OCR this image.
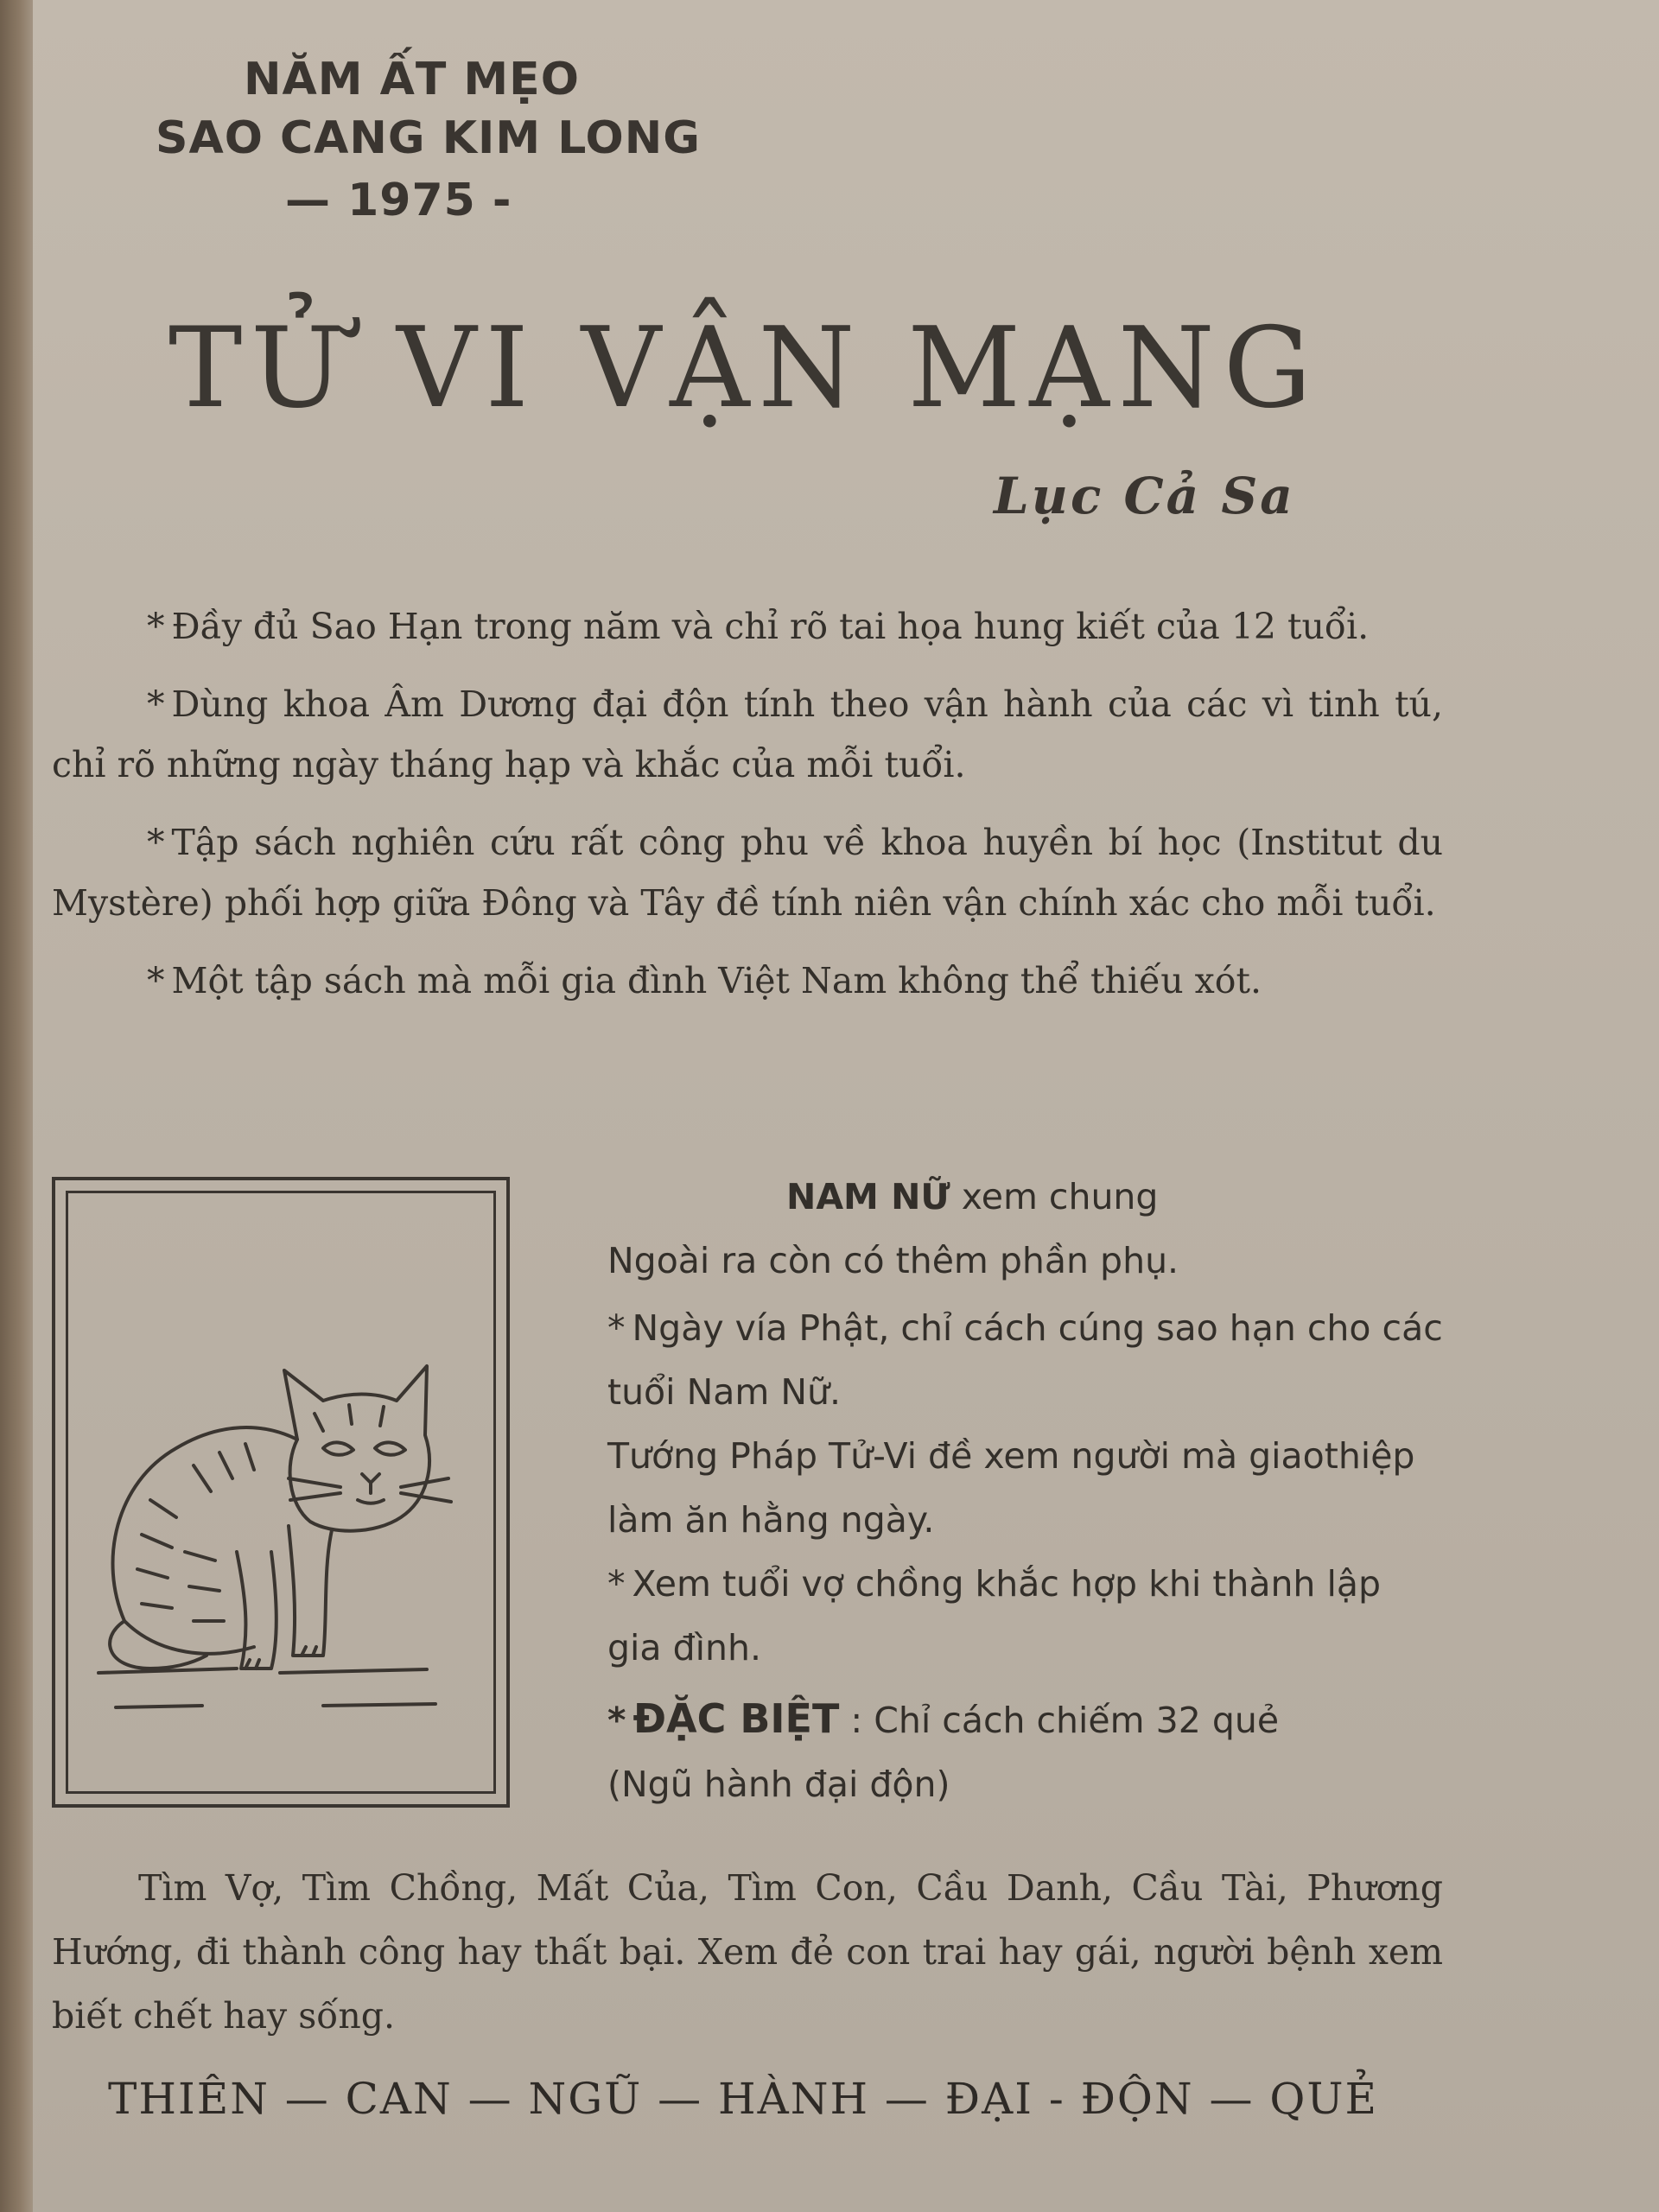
NĂM ẤT MẸO

SAO CANG KIM LONG

— 1975 -

TỬ VI VẬN MẠNG

Lục Cả Sa

* Đầy đủ Sao Hạn trong năm và chỉ rõ tai họa hung kiết của 12 tuổi.

* Dùng khoa Âm Dương đại độn tính theo vận hành của các vì tinh tú, chỉ rõ những ngày tháng hạp và khắc của mỗi tuổi.

* Tập sách nghiên cứu rất công phu về khoa huyền bí học (Institut du Mystère) phối hợp giữa Đông và Tây đề tính niên vận chính xác cho mỗi tuổi.

* Một tập sách mà mỗi gia đình Việt Nam không thể thiếu xót.

NAM NỮ xem chung

Ngoài ra còn có thêm phần phụ.

* Ngày vía Phật, chỉ cách cúng sao hạn cho các tuổi Nam Nữ.

Tướng Pháp Tử-Vi đề xem người mà giaothiệp làm ăn hằng ngày.

* Xem tuổi vợ chồng khắc hợp khi thành lập gia đình.

* ĐẶC BIỆT : Chỉ cách chiếm 32 quẻ

(Ngũ hành đại độn)

Tìm Vợ, Tìm Chồng, Mất Của, Tìm Con, Cầu Danh, Cầu Tài, Phương Hướng, đi thành công hay thất bại. Xem đẻ con trai hay gái, người bệnh xem biết chết hay sống.

THIÊN — CAN — NGŨ — HÀNH — ĐẠI - ĐỘN — QUẺ
